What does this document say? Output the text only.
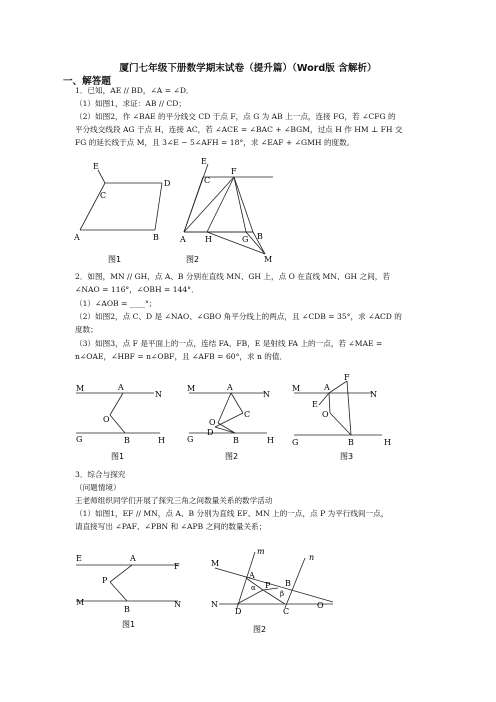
厦门七年级下册数学期末试卷（提升篇）（Word版 含解析）
一、解答题
1．已知，AE // BD，∠A = ∠D．
（1）如图1，求证：AB // CD；
（2）如图2，作 ∠BAE 的平分线交 CD 于点 F，点 G 为 AB 上一点，连接 FG，若 ∠CFG 的
平分线交线段 AG 于点 H，连接 AC，若 ∠ACE = ∠BAC + ∠BGM，过点 H 作 HM ⊥ FH 交
FG 的延长线于点 M，且 3∠E − 5∠AFH = 18°，求 ∠EAF + ∠GMH 的度数。
E
C
D
A	B
图1
E
C
F
A H	G B
M
图2
2．如图，MN // GH，点 A、B 分别在直线 MN、GH 上，点 O 在直线 MN、GH 之间，若
∠NAO = 116°，∠OBH = 144°．
（1）∠AOB = ____°；
（2）如图2，点 C、D 是 ∠NAO、∠GBO 角平分线上的两点，且 ∠CDB = 35°，求 ∠ACD 的
度数；
（3）如图3，点 F 是平面上的一点，连结 FA、FB，E 是射线 FA 上的一点，若 ∠MAE =
n∠OAE，∠HBF = n∠OBF，且 ∠AFB = 60°，求 n 的值．
M	A
N
O
G	B	H
图1
M	A
N
C
O
D
G	B	H
图2
F
M	A
N
E
O
G	B	H
图3
3．综合与探究
（问题情境）
王老师组织同学们开展了探究三角之间数量关系的数学活动
（1）如图1，EF // MN，点 A、B 分别为直线 EF、MN 上的一点，点 P 为平行线间一点，
请直接写出 ∠PAF、∠PBN 和 ∠APB 之间的数量关系；
E	A
F
P
M
B
N
图1
m
n
M
A
α P B
β
N
D	C
O
图2
